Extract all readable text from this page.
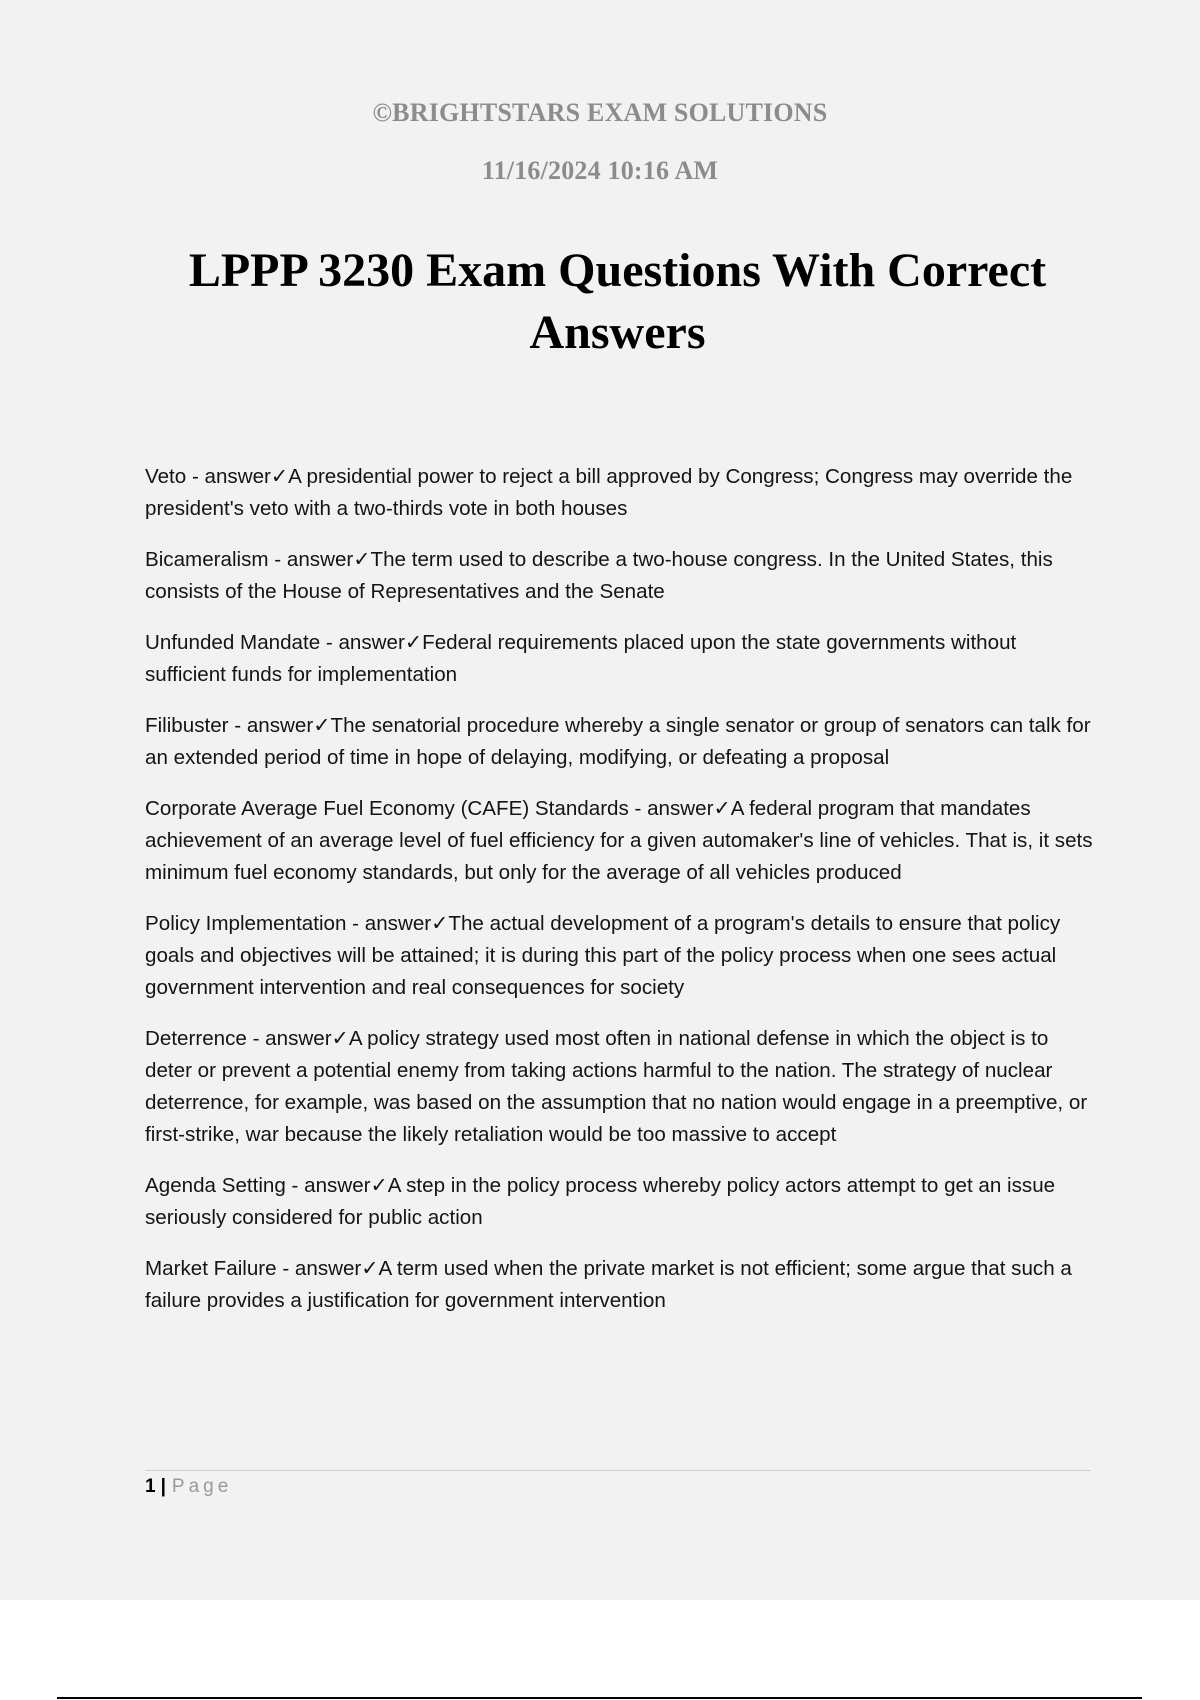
©BRIGHTSTARS EXAM SOLUTIONS
11/16/2024 10:16 AM
LPPP 3230 Exam Questions With Correct Answers
Veto - answer✓A presidential power to reject a bill approved by Congress; Congress may override the president's veto with a two-thirds vote in both houses
Bicameralism - answer✓The term used to describe a two-house congress. In the United States, this consists of the House of Representatives and the Senate
Unfunded Mandate - answer✓Federal requirements placed upon the state governments without sufficient funds for implementation
Filibuster - answer✓The senatorial procedure whereby a single senator or group of senators can talk for an extended period of time in hope of delaying, modifying, or defeating a proposal
Corporate Average Fuel Economy (CAFE) Standards - answer✓A federal program that mandates achievement of an average level of fuel efficiency for a given automaker's line of vehicles. That is, it sets minimum fuel economy standards, but only for the average of all vehicles produced
Policy Implementation - answer✓The actual development of a program's details to ensure that policy goals and objectives will be attained; it is during this part of the policy process when one sees actual government intervention and real consequences for society
Deterrence - answer✓A policy strategy used most often in national defense in which the object is to deter or prevent a potential enemy from taking actions harmful to the nation. The strategy of nuclear deterrence, for example, was based on the assumption that no nation would engage in a preemptive, or first-strike, war because the likely retaliation would be too massive to accept
Agenda Setting - answer✓A step in the policy process whereby policy actors attempt to get an issue seriously considered for public action
Market Failure - answer✓A term used when the private market is not efficient; some argue that such a failure provides a justification for government intervention
1 | Page
